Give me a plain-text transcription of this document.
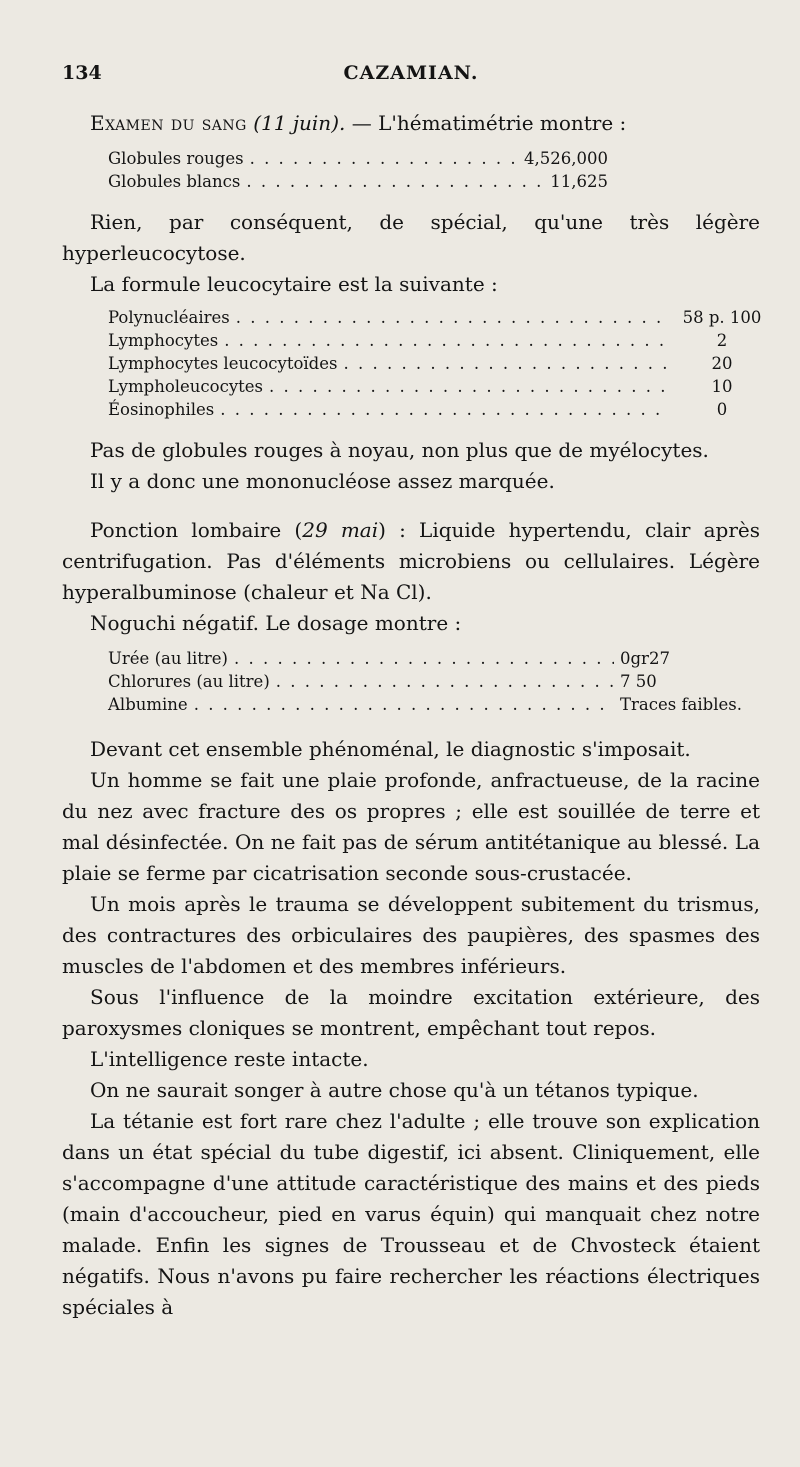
134	CAZAMIAN.

Examen du sang (11 juin). — L'hématimétrie montre :

Globules rouges . . .	4,526,000
Globules blancs . . .	11,625

Rien, par conséquent, de spécial, qu'une très légère hyperleucocytose.

La formule leucocytaire est la suivante :

Polynucléaires . . .	58 p. 100
Lymphocytes . . .	2
Lymphocytes leucocytoïdes . . .	20
Lympholeucocytes . . .	10
Éosinophiles . . .	0

Pas de globules rouges à noyau, non plus que de myélocytes.

Il y a donc une mononucléose assez marquée.

Ponction lombaire (29 mai) : Liquide hypertendu, clair après centrifugation. Pas d'éléments microbiens ou cellulaires. Légère hyperalbuminose (chaleur et Na Cl).

Noguchi négatif. Le dosage montre :

Urée (au litre) . . .	0gr27
Chlorures (au litre) . . .	7 50
Albumine . . .	Traces faibles.

Devant cet ensemble phénoménal, le diagnostic s'imposait.

Un homme se fait une plaie profonde, anfractueuse, de la racine du nez avec fracture des os propres ; elle est souillée de terre et mal désinfectée. On ne fait pas de sérum antitétanique au blessé. La plaie se ferme par cicatrisation seconde sous-crustacée.

Un mois après le trauma se développent subitement du trismus, des contractures des orbiculaires des paupières, des spasmes des muscles de l'abdomen et des membres inférieurs.

Sous l'influence de la moindre excitation extérieure, des paroxysmes cloniques se montrent, empêchant tout repos.

L'intelligence reste intacte.

On ne saurait songer à autre chose qu'à un tétanos typique.

La tétanie est fort rare chez l'adulte ; elle trouve son explication dans un état spécial du tube digestif, ici absent. Cliniquement, elle s'accompagne d'une attitude caractéristique des mains et des pieds (main d'accoucheur, pied en varus équin) qui manquait chez notre malade. Enfin les signes de Trousseau et de Chvosteck étaient négatifs. Nous n'avons pu faire rechercher les réactions électriques spéciales à
